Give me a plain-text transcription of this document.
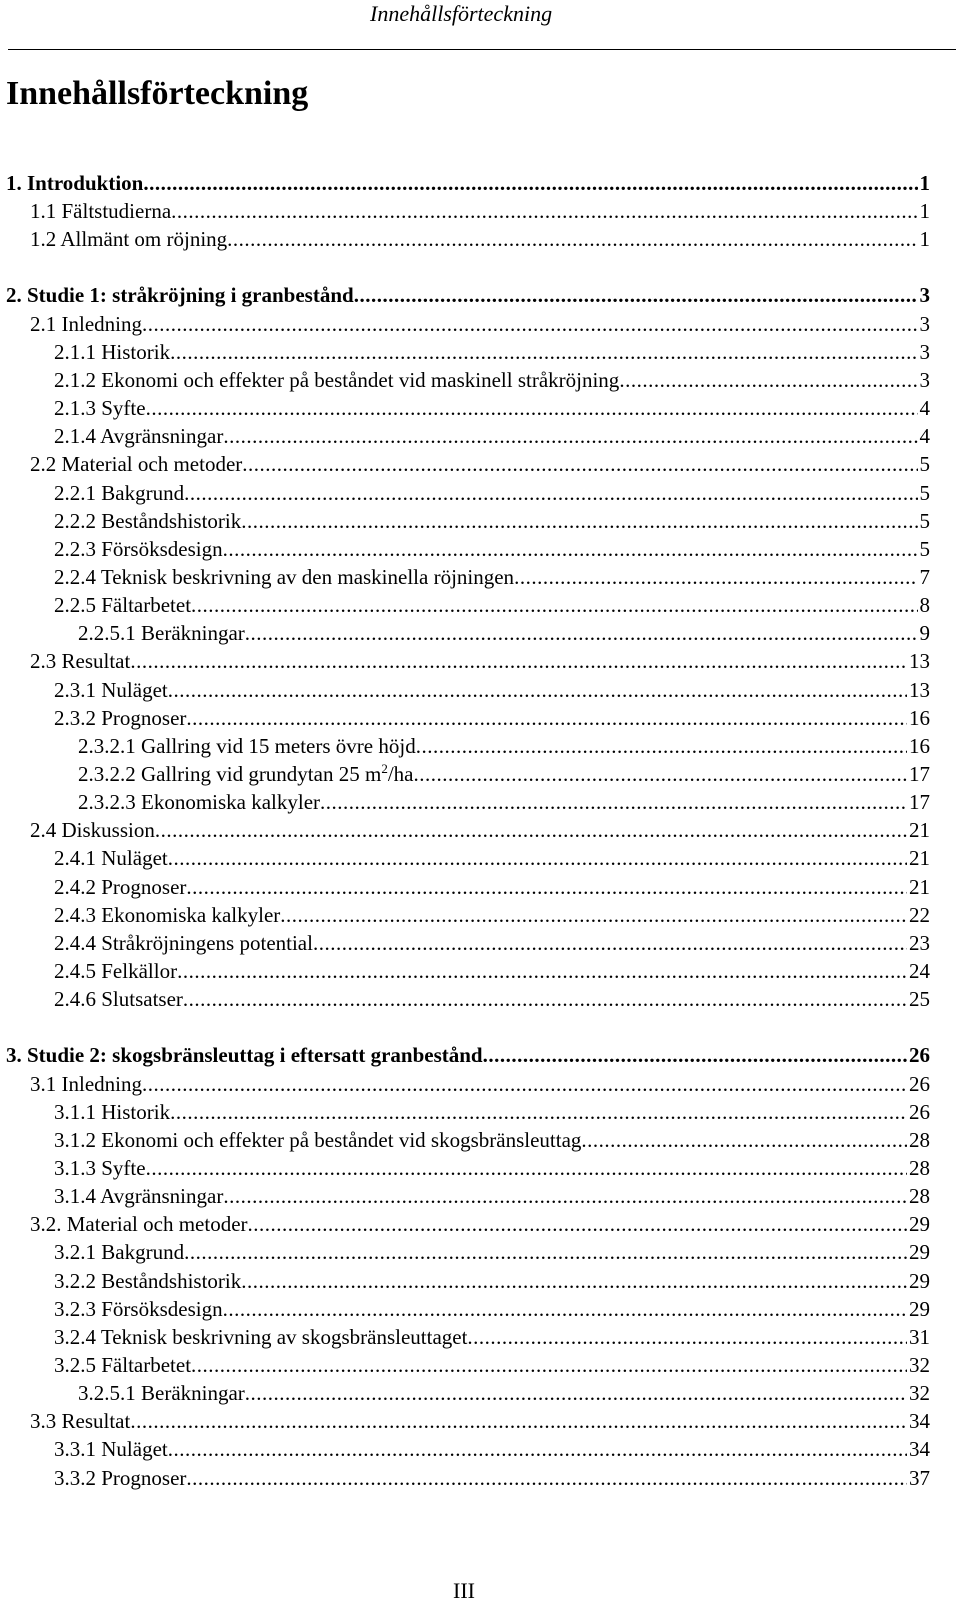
Innehållsförteckning
Innehållsförteckning
1. Introduktion .....	1
1.1 Fältstudierna .....	1
1.2 Allmänt om röjning .....	1
2. Studie 1: stråkröjning i granbestånd .....	3
2.1 Inledning .....	3
2.1.1 Historik .....	3
2.1.2 Ekonomi och effekter på beståndet vid maskinell stråkröjning .....	3
2.1.3 Syfte .....	4
2.1.4 Avgränsningar .....	4
2.2 Material och metoder .....	5
2.2.1 Bakgrund .....	5
2.2.2 Beståndshistorik .....	5
2.2.3 Försöksdesign .....	5
2.2.4 Teknisk beskrivning av den maskinella röjningen .....	7
2.2.5 Fältarbetet .....	8
2.2.5.1 Beräkningar .....	9
2.3 Resultat .....	13
2.3.1 Nuläget .....	13
2.3.2 Prognoser .....	16
2.3.2.1 Gallring vid 15 meters övre höjd .....	16
2.3.2.2 Gallring vid grundytan 25 $m^2/ha$ .....	17
2.3.2.3 Ekonomiska kalkyler .....	17
2.4 Diskussion .....	21
2.4.1 Nuläget .....	21
2.4.2 Prognoser .....	21
2.4.3 Ekonomiska kalkyler .....	22
2.4.4 Stråkröjningens potential .....	23
2.4.5 Felkällor .....	24
2.4.6 Slutsatser .....	25
3. Studie 2: skogsbränsleuttag i eftersatt granbestånd .....	26
3.1 Inledning .....	26
3.1.1 Historik .....	26
3.1.2 Ekonomi och effekter på beståndet vid skogsbränsleuttag .....	28
3.1.3 Syfte .....	28
3.1.4 Avgränsningar .....	28
3.2. Material och metoder .....	29
3.2.1 Bakgrund .....	29
3.2.2 Beståndshistorik .....	29
3.2.3 Försöksdesign .....	29
3.2.4 Teknisk beskrivning av skogsbränsleuttaget .....	31
3.2.5 Fältarbetet .....	32
3.2.5.1 Beräkningar .....	32
3.3 Resultat .....	34
3.3.1 Nuläget .....	34
3.3.2 Prognoser .....	37
III
